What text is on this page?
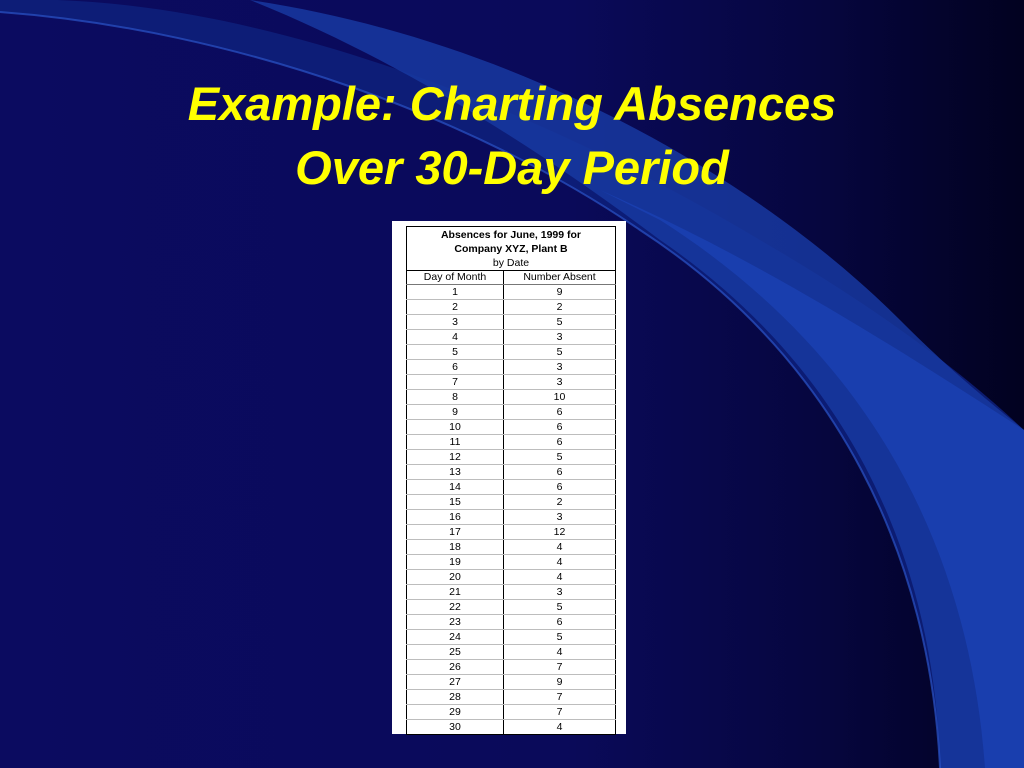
Example: Charting Absences
Over 30-Day Period
Absences for June, 1999 for
Company XYZ, Plant B
by Date
Day of Month	Number Absent
1	9
2	2
3	5
4	3
5	5
6	3
7	3
8	10
9	6
10	6
11	6
12	5
13	6
14	6
15	2
16	3
17	12
18	4
19	4
20	4
21	3
22	5
23	6
24	5
25	4
26	7
27	9
28	7
29	7
30	4
